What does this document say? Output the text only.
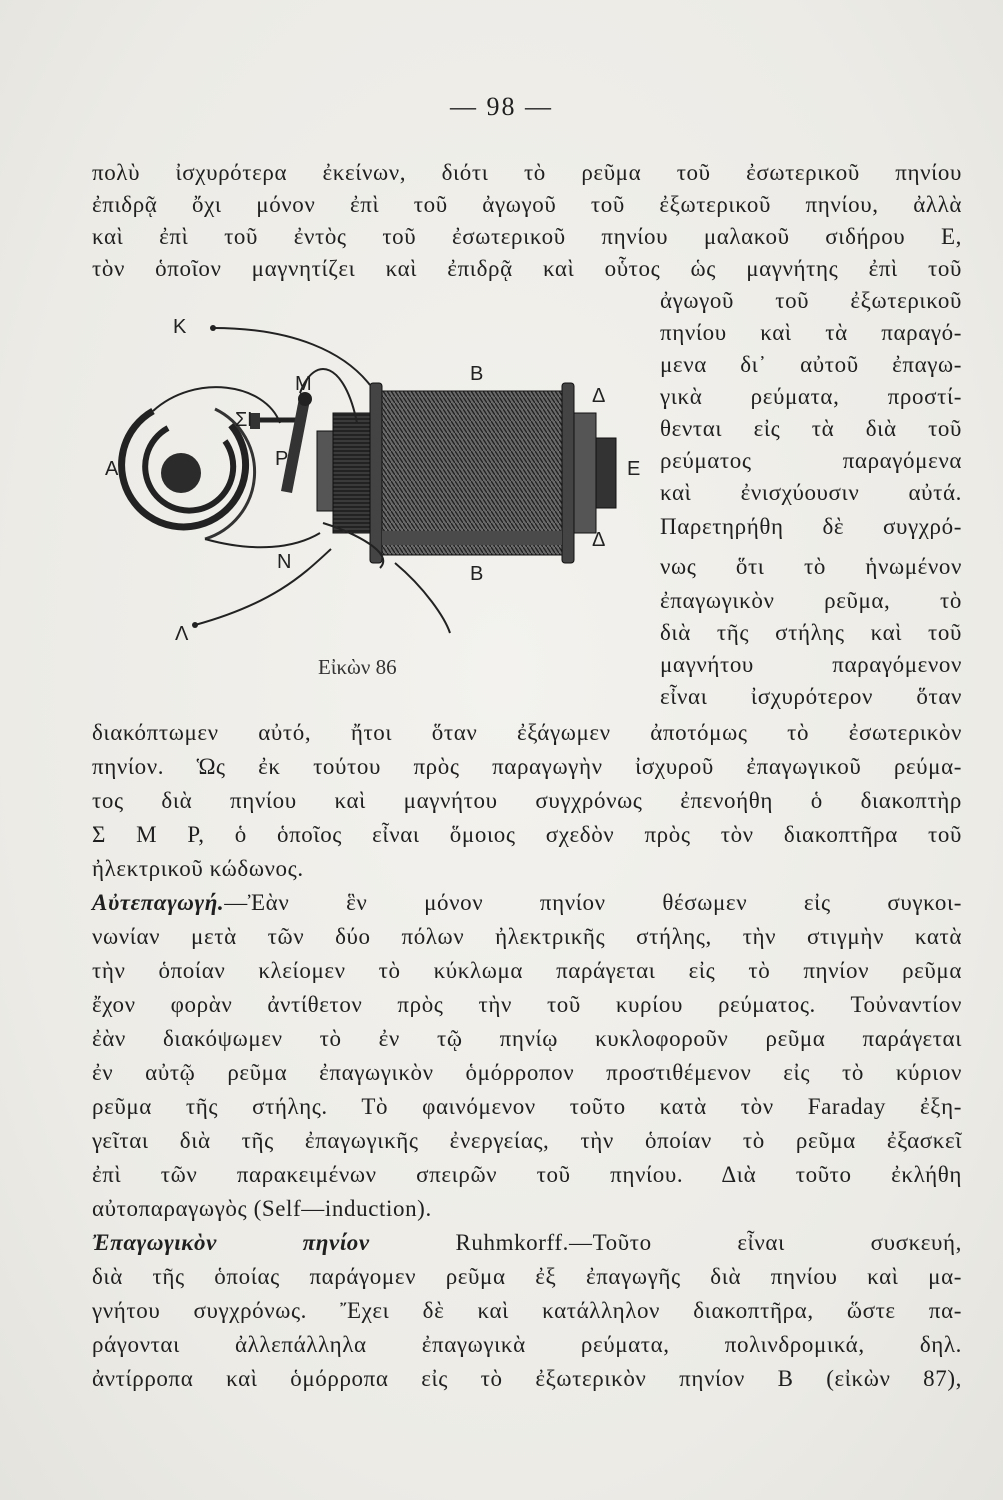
— 98 —
πολὺ ἰσχυρότερα ἐκείνων, διότι τὸ ρεῦμα τοῦ ἐσωτερικοῦ πηνίου
ἐπιδρᾷ ὄχι μόνον ἐπὶ τοῦ ἀγωγοῦ τοῦ ἐξωτερικοῦ πηνίου, ἀλλὰ
καὶ ἐπὶ τοῦ ἐντὸς τοῦ ἐσωτερικοῦ πηνίου μαλακοῦ σιδήρου Ε,
τὸν ὁποῖον μαγνητίζει καὶ ἐπιδρᾷ καὶ οὗτος ὡς μαγνήτης ἐπὶ τοῦ
ἀγωγοῦ τοῦ ἐξωτερικοῦ
πηνίου καὶ τὰ παραγό-
μενα δι᾿ αὐτοῦ ἐπαγω-
γικὰ ρεύματα, προστί-
θενται εἰς τὰ διὰ τοῦ
ρεύματος παραγόμενα
καὶ ἐνισχύουσιν αὐτά.
Παρετηρήθη δὲ συγχρό-
νως ὅτι τὸ ἡνωμένον
ἐπαγωγικὸν ρεῦμα, τὸ
διὰ τῆς στήλης καὶ τοῦ
μαγνήτου παραγόμενον
εἶναι ἰσχυρότερον ὅταν
K
M	B
Δ
Σ I
A	P	E
Δ
N
B
Λ
Εἰκὼν 86
διακόπτωμεν αὐτό, ἤτοι ὅταν ἐξάγωμεν ἀποτόμως τὸ ἐσωτερικὸν
πηνίον. Ὡς ἐκ τούτου πρὸς παραγωγὴν ἰσχυροῦ ἐπαγωγικοῦ ρεύμα-
τος διὰ πηνίου καὶ μαγνήτου συγχρόνως ἐπενοήθη ὁ διακοπτὴρ
Σ Μ Ρ, ὁ ὁποῖος εἶναι ὅμοιος σχεδὸν πρὸς τὸν διακοπτῆρα τοῦ
ἠλεκτρικοῦ κώδωνος.
Αὐτεπαγωγή.—Ἐὰν ἓν μόνον πηνίον θέσωμεν εἰς συγκοι-
νωνίαν μετὰ τῶν δύο πόλων ἠλεκτρικῆς στήλης, τὴν στιγμὴν κατὰ
τὴν ὁποίαν κλείομεν τὸ κύκλωμα παράγεται εἰς τὸ πηνίον ρεῦμα
ἔχον φορὰν ἀντίθετον πρὸς τὴν τοῦ κυρίου ρεύματος. Τοὐναντίον
ἐὰν διακόψωμεν τὸ ἐν τῷ πηνίῳ κυκλοφοροῦν ρεῦμα παράγεται
ἐν αὐτῷ ρεῦμα ἐπαγωγικὸν ὁμόρροπον προστιθέμενον εἰς τὸ κύριον
ρεῦμα τῆς στήλης. Τὸ φαινόμενον τοῦτο κατὰ τὸν Faraday ἐξη-
γεῖται διὰ τῆς ἐπαγωγικῆς ἐνεργείας, τὴν ὁποίαν τὸ ρεῦμα ἐξασκεῖ
ἐπὶ τῶν παρακειμένων σπειρῶν τοῦ πηνίου. Διὰ τοῦτο ἐκλήθη
αὐτοπαραγωγὸς (Self—induction).
Ἐπαγωγικὸν πηνίον	Ruhmkorff.—Τοῦτο εἶναι συσκευή,
διὰ τῆς ὁποίας παράγομεν ρεῦμα ἐξ ἐπαγωγῆς διὰ πηνίου καὶ μα-
γνήτου συγχρόνως. Ἔχει δὲ καὶ κατάλληλον διακοπτῆρα, ὥστε πα-
ράγονται ἀλλεπάλληλα ἐπαγωγικὰ ρεύματα, πολινδρομικά, δηλ.
ἀντίρροπα καὶ ὁμόρροπα εἰς τὸ ἐξωτερικὸν πηνίον Β (εἰκὼν 87),
